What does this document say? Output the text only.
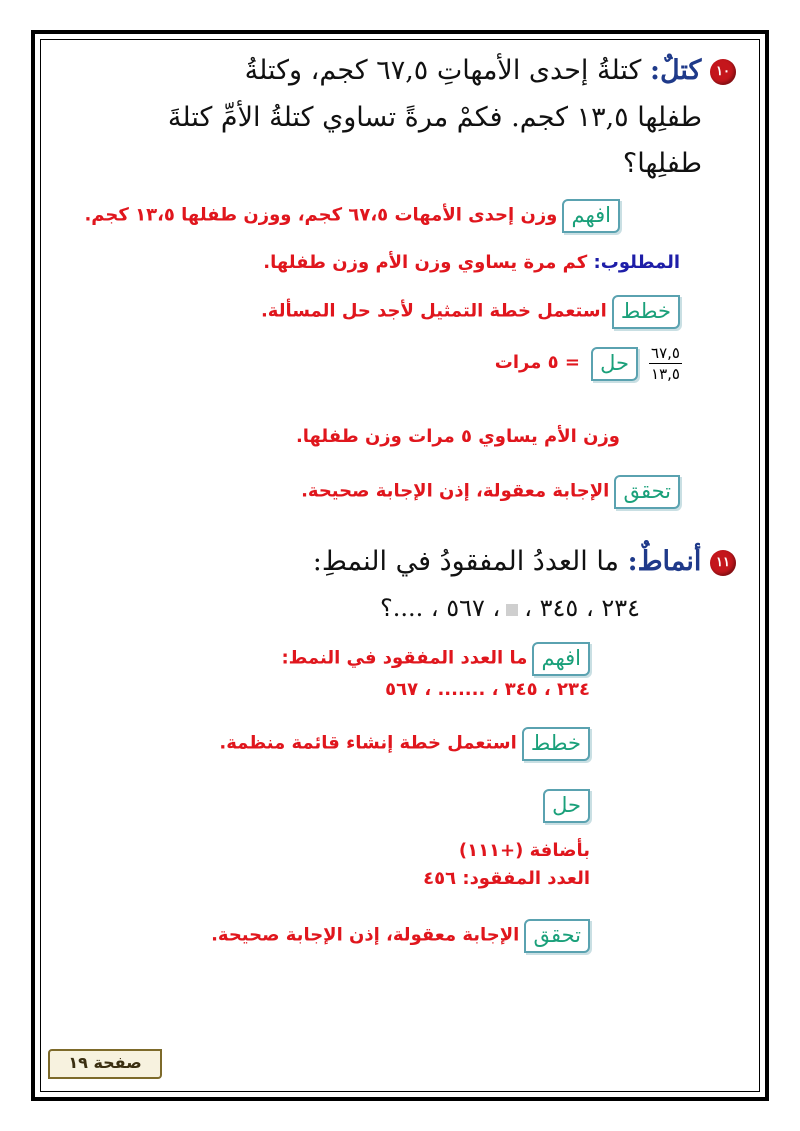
١٠ كتلٌ: كتلةُ إحدى الأمهاتِ ٦٧,٥ كجم، وكتلةُ
طفلِها ١٣,٥ كجم. فكمْ مرةً تساوي كتلةُ الأمِّ كتلةَ
طفلِها؟
افهم وزن إحدى الأمهات ٦٧،٥ كجم، ووزن طفلها ١٣،٥ كجم.
المطلوب: كم مرة يساوي وزن الأم وزن طفلها.
خطط استعمل خطة التمثيل لأجد حل المسألة.
$\frac{٦٧,٥}{١٣,٥}$
حل = ٥ مرات
وزن الأم يساوي ٥ مرات وزن طفلها.
تحقق الإجابة معقولة، إذن الإجابة صحيحة.
١١ أنماطٌ: ما العددُ المفقودُ في النمطِ:
٢٣٤ ، ٣٤٥ ،، ٥٦٧ ، ....؟
افهم ما العدد المفقود في النمط:
٢٣٤ ، ٣٤٥ ، ....... ، ٥٦٧
خطط استعمل خطة إنشاء قائمة منظمة.
حل
بأضافة (+١١١)
العدد المفقود: ٤٥٦
تحقق الإجابة معقولة، إذن الإجابة صحيحة.
صفحة ١٩
